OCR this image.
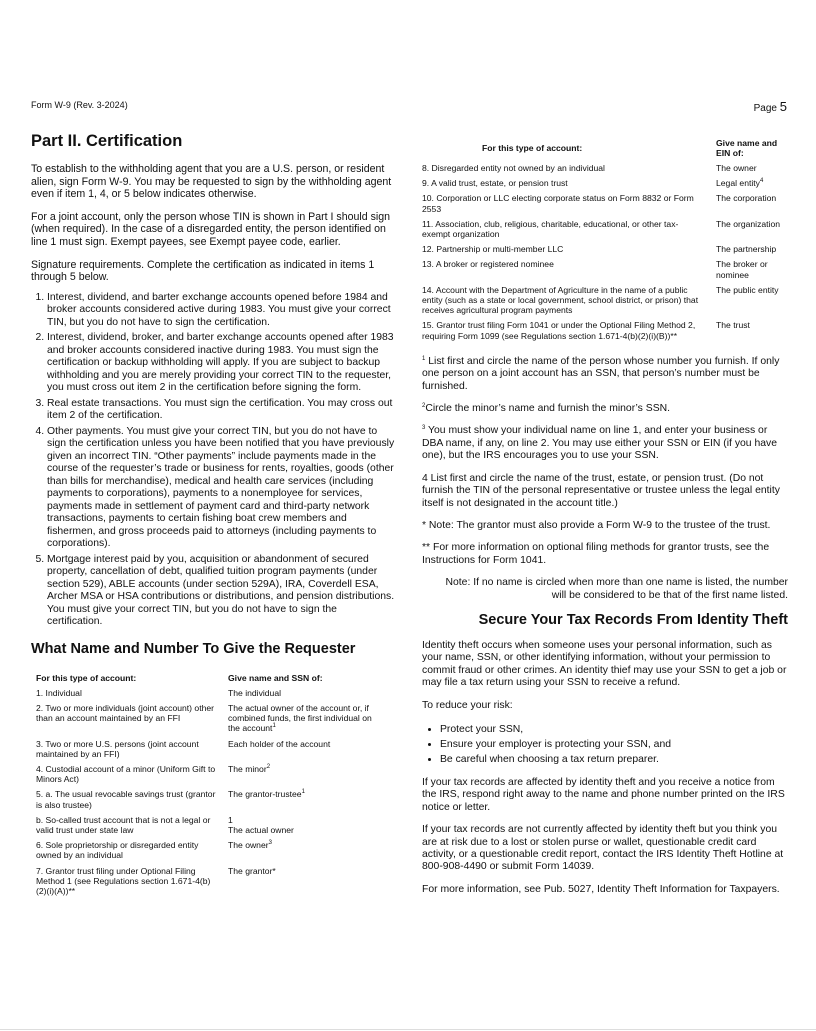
Form W-9 (Rev. 3-2024)	Page 5
Part II. Certification

To establish to the withholding agent that you are a U.S. person, or resident alien, sign Form W-9. You may be requested to sign by the withholding agent even if item 1, 4, or 5 below indicates otherwise.

For a joint account, only the person whose TIN is shown in Part I should sign (when required). In the case of a disregarded entity, the person identified on line 1 must sign. Exempt payees, see Exempt payee code, earlier.

Signature requirements. Complete the certification as indicated in items 1 through 5 below.

1. Interest, dividend, and barter exchange accounts opened before 1984 and broker accounts considered active during 1983. You must give your correct TIN, but you do not have to sign the certification.
2. Interest, dividend, broker, and barter exchange accounts opened after 1983 and broker accounts considered inactive during 1983. You must sign the certification or backup withholding will apply. If you are subject to backup withholding and you are merely providing your correct TIN to the requester, you must cross out item 2 in the certification before signing the form.
3. Real estate transactions. You must sign the certification. You may cross out item 2 of the certification.
4. Other payments. You must give your correct TIN, but you do not have to sign the certification unless you have been notified that you have previously given an incorrect TIN. “Other payments” include payments made in the course of the requester’s trade or business for rents, royalties, goods (other than bills for merchandise), medical and health care services (including payments to corporations), payments to a nonemployee for services, payments made in settlement of payment card and third-party network transactions, payments to certain fishing boat crew members and fishermen, and gross proceeds paid to attorneys (including payments to corporations).
5. Mortgage interest paid by you, acquisition or abandonment of secured property, cancellation of debt, qualified tuition program payments (under section 529), ABLE accounts (under section 529A), IRA, Coverdell ESA, Archer MSA or HSA contributions or distributions, and pension distributions. You must give your correct TIN, but you do not have to sign the certification.
What Name and Number To Give the Requester
For this type of account:	Give name and SSN of:
1. Individual	The individual
2. Two or more individuals (joint account) other than an account maintained by an FFI	The actual owner of the account or, if combined funds, the first individual on the account$^1$
3. Two or more U.S. persons (joint account maintained by an FFI)	Each holder of the account
4. Custodial account of a minor (Uniform Gift to Minors Act)	The minor$^2$
5. a. The usual revocable savings trust (grantor is also trustee)	The grantor-trustee$^1$
b. So-called trust account that is not a legal or valid trust under state law	1
The actual owner
6. Sole proprietorship or disregarded entity owned by an individual	The owner$^3$
7. Grantor trust filing under Optional Filing Method 1 (see Regulations section 1.671-4(b)(2)(i)(A))**	The grantor*
For this type of account:	Give name and EIN of:
8. Disregarded entity not owned by an individual	The owner
9. A valid trust, estate, or pension trust	Legal entity$^4$
10. Corporation or LLC electing corporate status on Form 8832 or Form 2553	The corporation
11. Association, club, religious, charitable, educational, or other tax-exempt organization	The organization
12. Partnership or multi-member LLC	The partnership
13. A broker or registered nominee	The broker or nominee
14. Account with the Department of Agriculture in the name of a public entity (such as a state or local government, school district, or prison) that receives agricultural program payments	The public entity
15. Grantor trust filing Form 1041 or under the Optional Filing Method 2, requiring Form 1099 (see Regulations section 1.671-4(b)(2)(i)(B))**	The trust

$^1$ List first and circle the name of the person whose number you furnish. If only one person on a joint account has an SSN, that person’s number must be furnished.

$^2$Circle the minor’s name and furnish the minor’s SSN.

$^3$ You must show your individual name on line 1, and enter your business or DBA name, if any, on line 2. You may use either your SSN or EIN (if you have one), but the IRS encourages you to use your SSN.

4 List first and circle the name of the trust, estate, or pension trust. (Do not furnish the TIN of the personal representative or trustee unless the legal entity itself is not designated in the account title.)

* Note: The grantor must also provide a Form W-9 to the trustee of the trust.

** For more information on optional filing methods for grantor trusts, see the Instructions for Form 1041.

Note: If no name is circled when more than one name is listed, the number will be considered to be that of the first name listed.

Secure Your Tax Records From Identity Theft

Identity theft occurs when someone uses your personal information, such as your name, SSN, or other identifying information, without your permission to commit fraud or other crimes. An identity thief may use your SSN to get a job or may file a tax return using your SSN to receive a refund.

To reduce your risk:

• Protect your SSN,
• Ensure your employer is protecting your SSN, and
• Be careful when choosing a tax return preparer.

If your tax records are affected by identity theft and you receive a notice from the IRS, respond right away to the name and phone number printed on the IRS notice or letter.

If your tax records are not currently affected by identity theft but you think you are at risk due to a lost or stolen purse or wallet, questionable credit card activity, or a questionable credit report, contact the IRS Identity Theft Hotline at 800-908-4490 or submit Form 14039.

For more information, see Pub. 5027, Identity Theft Information for Taxpayers.
